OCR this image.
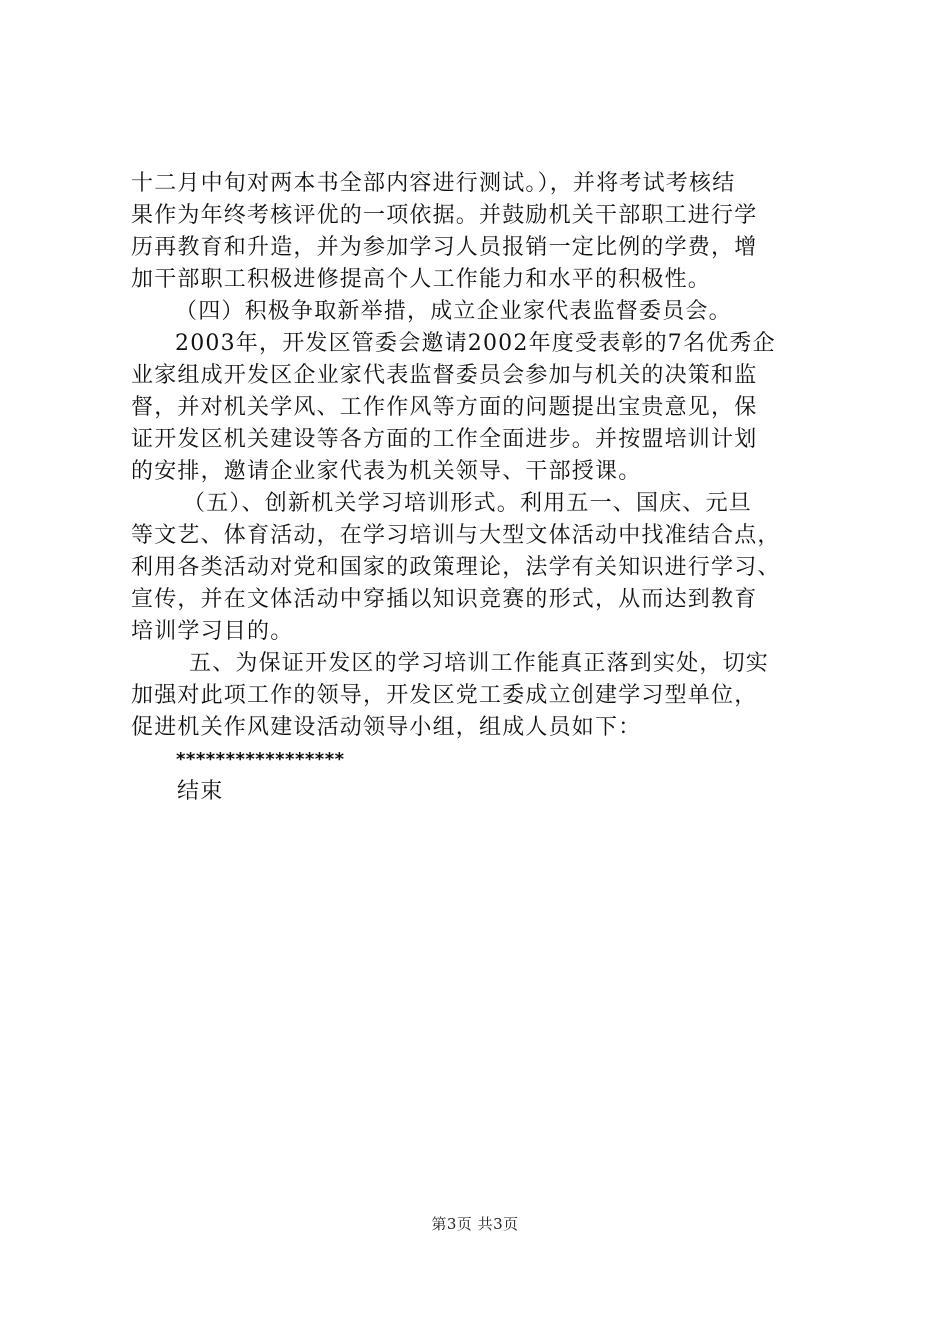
十二月中旬对两本书全部内容进行测试。），并将考试考核结
果作为年终考核评优的一项依据。并鼓励机关干部职工进行学
历再教育和升造，并为参加学习人员报销一定比例的学费，增
加干部职工积极进修提高个人工作能力和水平的积极性。
（四）积极争取新举措，成立企业家代表监督委员会。
2003年，开发区管委会邀请2002年度受表彰的7名优秀企
业家组成开发区企业家代表监督委员会参加与机关的决策和监
督，并对机关学风、工作作风等方面的问题提出宝贵意见，保
证开发区机关建设等各方面的工作全面进步。并按盟培训计划
的安排，邀请企业家代表为机关领导、干部授课。
（五）、创新机关学习培训形式。利用五一、国庆、元旦
等文艺、体育活动，在学习培训与大型文体活动中找准结合点，
利用各类活动对党和国家的政策理论，法学有关知识进行学习、
宣传，并在文体活动中穿插以知识竞赛的形式，从而达到教育
培训学习目的。
五、为保证开发区的学习培训工作能真正落到实处，切实
加强对此项工作的领导，开发区党工委成立创建学习型单位，
促进机关作风建设活动领导小组，组成人员如下：
*****************
结束
第3页 共3页
